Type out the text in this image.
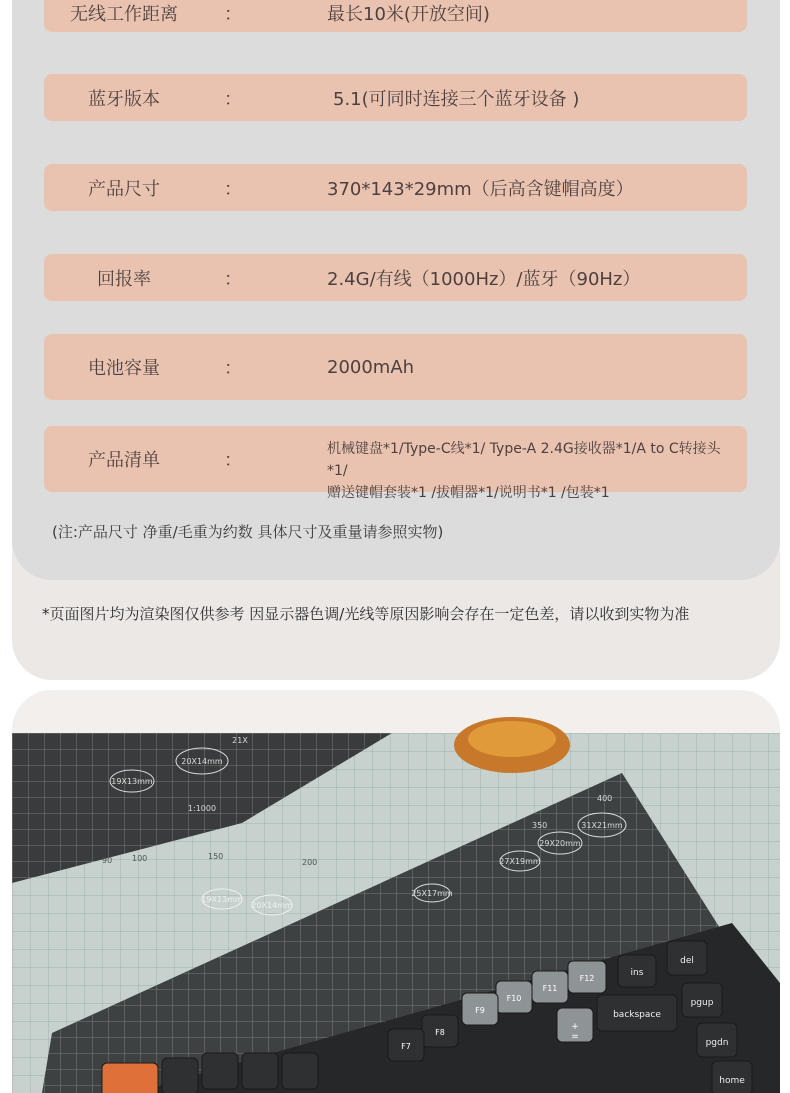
无线工作距离	：	最长10米(开放空间)
蓝牙版本	：	5.1(可同时连接三个蓝牙设备 )
产品尺寸	：	370*143*29mm（后高含键帽高度）
回报率	：	2.4G/有线（1000Hz）/蓝牙（90Hz）
电池容量	：	2000mAh
产品清单	：
机械键盘*1/Type-C线*1/ Type-A 2.4G接收器*1/A to C转接头*1/
赠送键帽套装*1 /拔帽器*1/说明书*1 /包装*1
(注:产品尺寸 净重/毛重为约数 具体尺寸及重量请参照实物)
*页面图片均为渲染图仅供参考 因显示器色调/光线等原因影响会存在一定色差，请以收到实物为准
del
ins
pgup
pgdn
home
backspace
F12
F11
F10
F9
F8
F7
+
=
20X14mm
19X13mm
21X
31X21mm
29X20mm
27X19mm
25X17mm
20X14mm
19X13mm
1:1000
90 100	150
200
350
400
